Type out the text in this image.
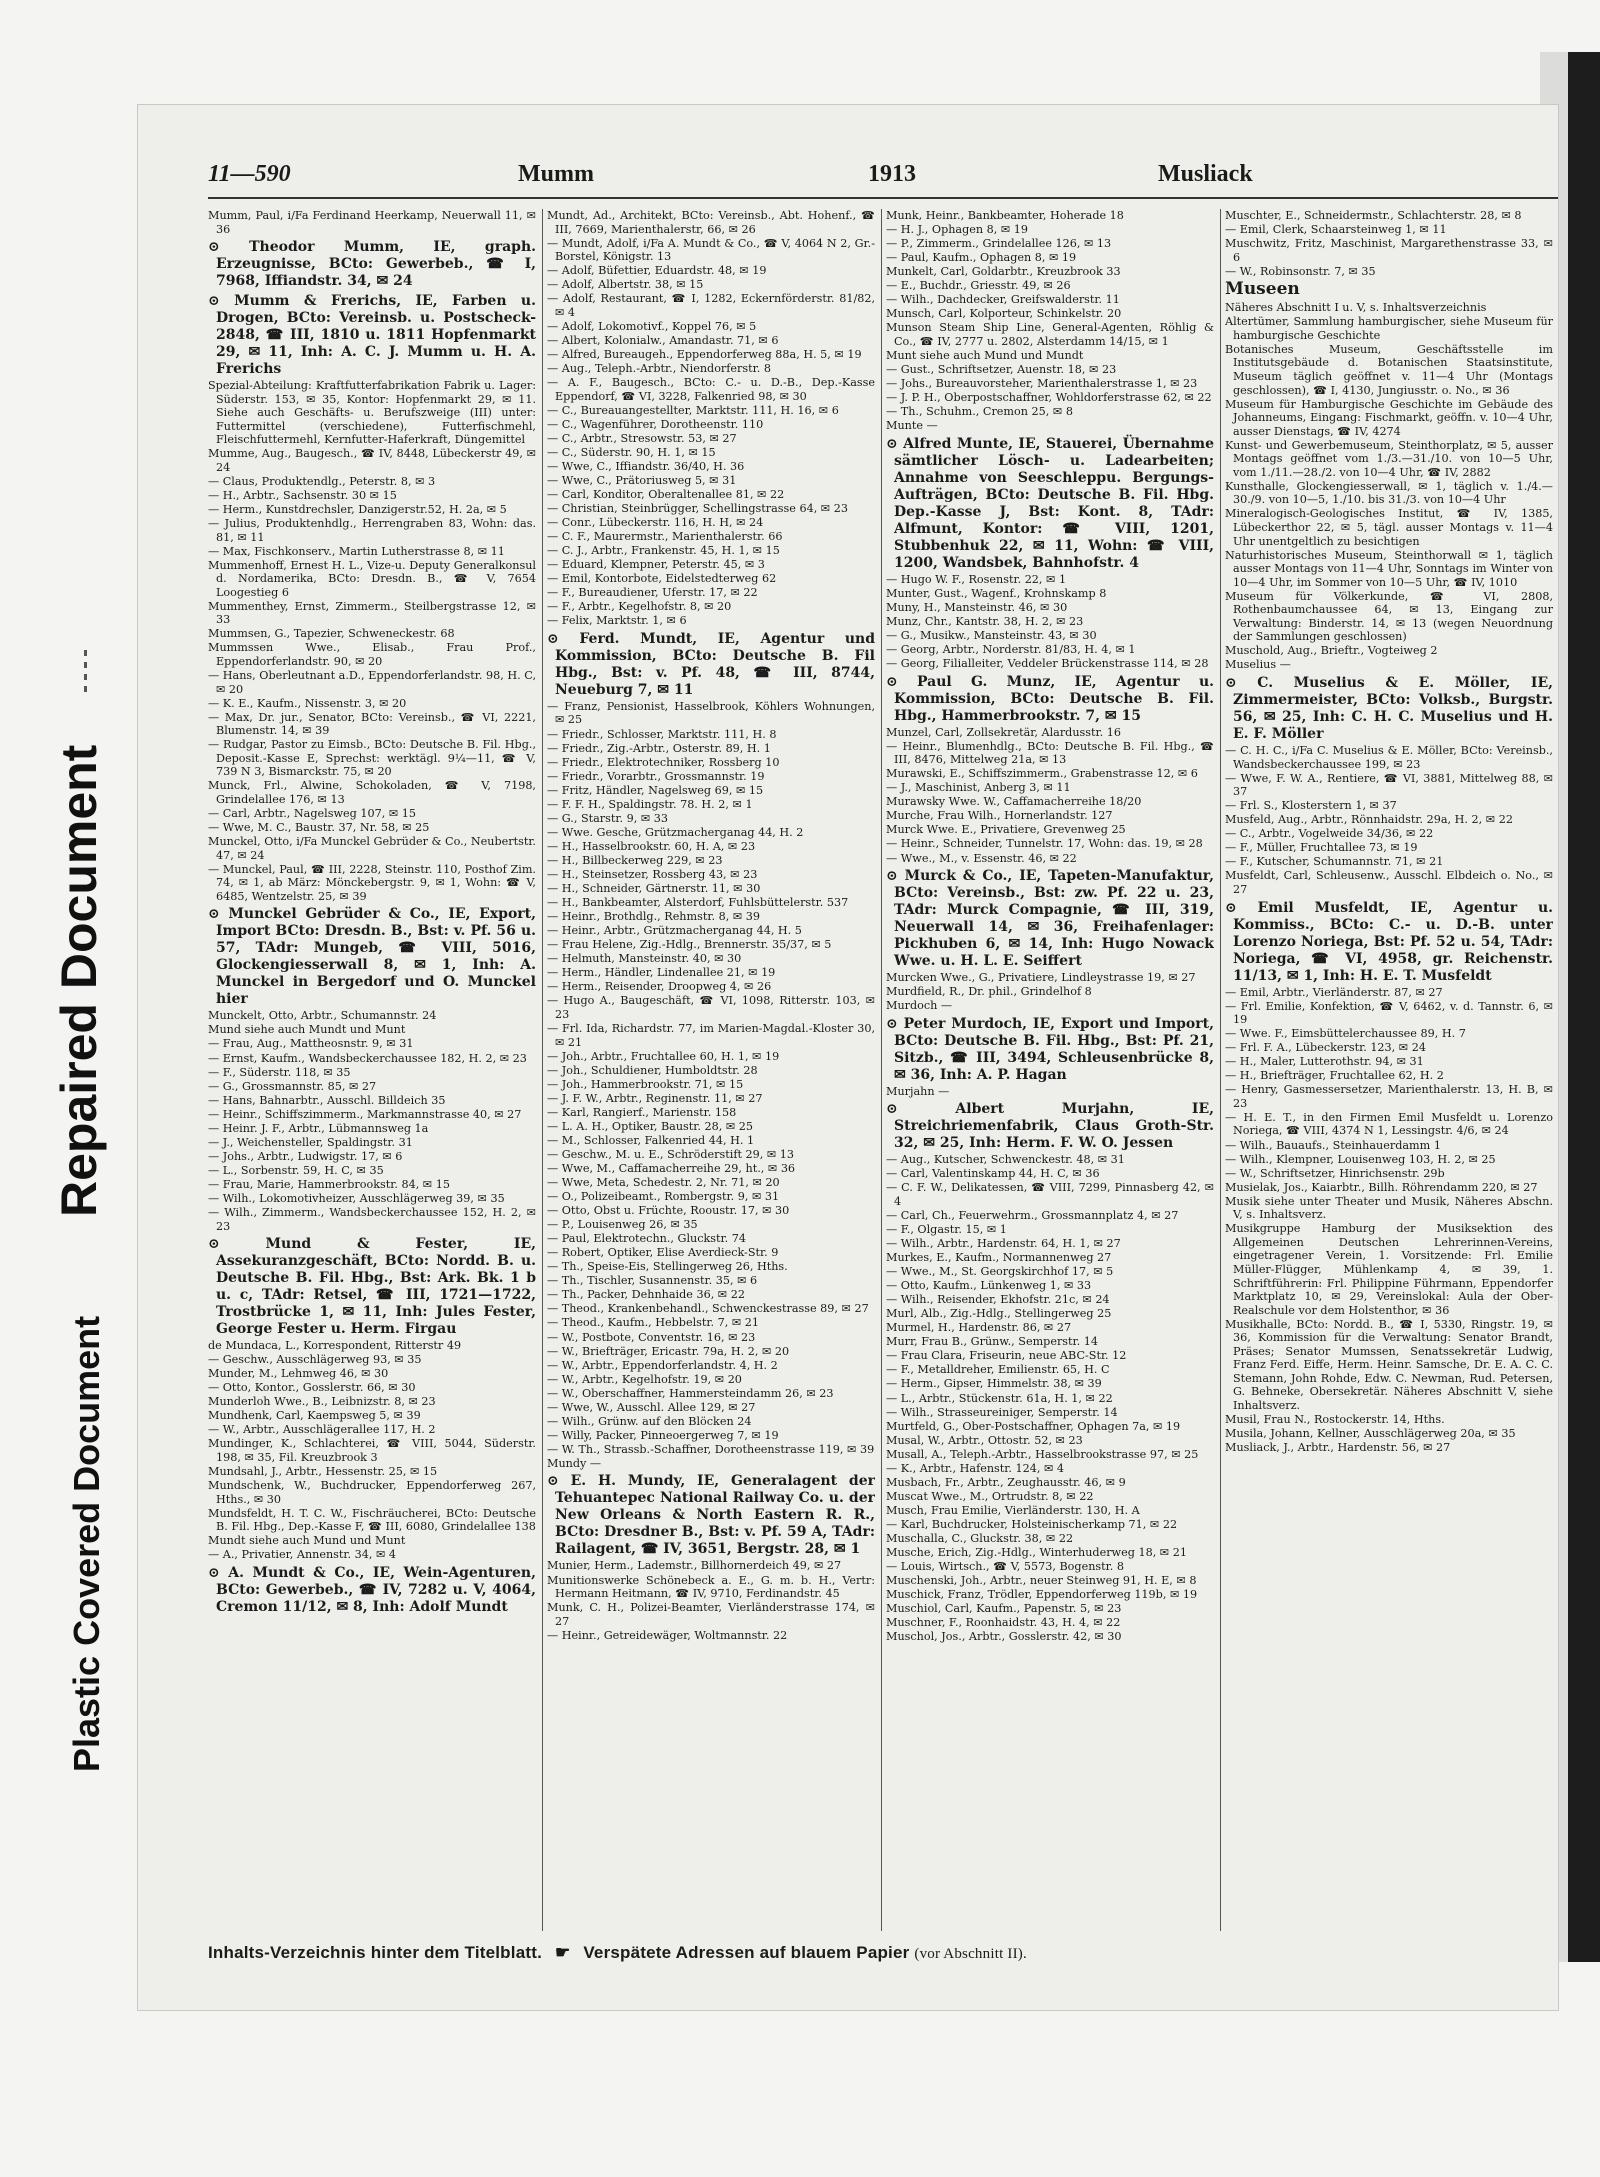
Repaired Document
Plastic Covered Document
11—590	Mumm	1913	Musliack
Mumm, Paul, i/Fa Ferdinand Heerkamp, Neuerwall 11, ✉ 36
⊙ Theodor Mumm, IE, graph. Erzeugnisse, BCto: Gewerbeb., ☎ I, 7968, Iffiandstr. 34, ✉ 24
⊙ Mumm & Frerichs, IE, Farben u. Drogen, BCto: Vereinsb. u. Postscheck-2848, ☎ III, 1810 u. 1811 Hopfenmarkt 29, ✉ 11, Inh: A. C. J. Mumm u. H. A. Frerichs
Spezial-Abteilung: Kraftfutterfabrikation Fabrik u. Lager: Süderstr. 153, ✉ 35, Kontor: Hopfenmarkt 29, ✉ 11. Siehe auch Geschäfts- u. Berufszweige (III) unter: Futtermittel (verschiedene), Futterfischmehl, Fleischfuttermehl, Kernfutter-Haferkraft, Düngemittel
Mumme, Aug., Baugesch., ☎ IV, 8448, Lübeckerstr 49, ✉ 24
— Claus, Produktendlg., Peterstr. 8, ✉ 3
— H., Arbtr., Sachsenstr. 30 ✉ 15
— Herm., Kunstdrechsler, Danzigerstr.52, H. 2a, ✉ 5
— Julius, Produktenhdlg., Herrengraben 83, Wohn: das. 81, ✉ 11
— Max, Fischkonserv., Martin Lutherstrasse 8, ✉ 11
Mummenhoff, Ernest H. L., Vize-u. Deputy Generalkonsul d. Nordamerika, BCto: Dresdn. B., ☎ V, 7654 Loogestieg 6
Mummenthey, Ernst, Zimmerm., Steilbergstrasse 12, ✉ 33
Mummsen, G., Tapezier, Schweneckestr. 68
Mummssen Wwe., Elisab., Frau Prof., Eppendorferlandstr. 90, ✉ 20
— Hans, Oberleutnant a.D., Eppendorferlandstr. 98, H. C, ✉ 20
— K. E., Kaufm., Nissenstr. 3, ✉ 20
— Max, Dr. jur., Senator, BCto: Vereinsb., ☎ VI, 2221, Blumenstr. 14, ✉ 39
— Rudgar, Pastor zu Eimsb., BCto: Deutsche B. Fil. Hbg., Deposit.-Kasse E, Sprechst: werktägl. 9¼—11, ☎ V, 739 N 3, Bismarckstr. 75, ✉ 20
Munck, Frl., Alwine, Schokoladen, ☎ V, 7198, Grindelallee 176, ✉ 13
— Carl, Arbtr., Nagelsweg 107, ✉ 15
— Wwe, M. C., Baustr. 37, Nr. 58, ✉ 25
Munckel, Otto, i/Fa Munckel Gebrüder & Co., Neubertstr. 47, ✉ 24
— Munckel, Paul, ☎ III, 2228, Steinstr. 110, Posthof Zim. 74, ✉ 1, ab März: Mönckebergstr. 9, ✉ 1, Wohn: ☎ V, 6485, Wentzelstr. 25, ✉ 39
⊙ Munckel Gebrüder & Co., IE, Export, Import BCto: Dresdn. B., Bst: v. Pf. 56 u. 57, TAdr: Mungeb, ☎ VIII, 5016, Glockengiesserwall 8, ✉ 1, Inh: A. Munckel in Bergedorf und O. Munckel hier
Munckelt, Otto, Arbtr., Schumannstr. 24
Mund siehe auch Mundt und Munt
— Frau, Aug., Mattheosnstr. 9, ✉ 31
— Ernst, Kaufm., Wandsbeckerchaussee 182, H. 2, ✉ 23
— F., Süderstr. 118, ✉ 35
— G., Grossmannstr. 85, ✉ 27
— Hans, Bahnarbtr., Ausschl. Billdeich 35
— Heinr., Schiffszimmerm., Markmannstrasse 40, ✉ 27
— Heinr. J. F., Arbtr., Lübmannsweg 1a
— J., Weichensteller, Spaldingstr. 31
— Johs., Arbtr., Ludwigstr. 17, ✉ 6
— L., Sorbenstr. 59, H. C, ✉ 35
— Frau, Marie, Hammerbrookstr. 84, ✉ 15
— Wilh., Lokomotivheizer, Ausschlägerweg 39, ✉ 35
— Wilh., Zimmerm., Wandsbeckerchaussee 152, H. 2, ✉ 23
⊙ Mund & Fester, IE, Assekuranzgeschäft, BCto: Nordd. B. u. Deutsche B. Fil. Hbg., Bst: Ark. Bk. 1 b u. c, TAdr: Retsel, ☎ III, 1721—1722, Trostbrücke 1, ✉ 11, Inh: Jules Fester, George Fester u. Herm. Firgau
de Mundaca, L., Korrespondent, Ritterstr 49
— Geschw., Ausschlägerweg 93, ✉ 35
Munder, M., Lehmweg 46, ✉ 30
— Otto, Kontor., Gosslerstr. 66, ✉ 30
Munderloh Wwe., B., Leibnizstr. 8, ✉ 23
Mundhenk, Carl, Kaempsweg 5, ✉ 39
— W., Arbtr., Ausschlägerallee 117, H. 2
Mundinger, K., Schlachterei, ☎ VIII, 5044, Süderstr. 198, ✉ 35, Fil. Kreuzbrook 3
Mundsahl, J., Arbtr., Hessenstr. 25, ✉ 15
Mundschenk, W., Buchdrucker, Eppendorferweg 267, Hths., ✉ 30
Mundsfeldt, H. T. C. W., Fischräucherei, BCto: Deutsche B. Fil. Hbg., Dep.-Kasse F, ☎ III, 6080, Grindelallee 138
Mundt siehe auch Mund und Munt
— A., Privatier, Annenstr. 34, ✉ 4
⊙ A. Mundt & Co., IE, Wein-Agenturen, BCto: Gewerbeb., ☎ IV, 7282 u. V, 4064, Cremon 11/12, ✉ 8, Inh: Adolf Mundt
Mundt, Ad., Architekt, BCto: Vereinsb., Abt. Hohenf., ☎ III, 7669, Marienthalerstr, 66, ✉ 26
— Mundt, Adolf, i/Fa A. Mundt & Co., ☎ V, 4064 N 2, Gr.-Borstel, Königstr. 13
— Adolf, Büfettier, Eduardstr. 48, ✉ 19
— Adolf, Albertstr. 38, ✉ 15
— Adolf, Restaurant, ☎ I, 1282, Eckernförderstr. 81/82, ✉ 4
— Adolf, Lokomotivf., Koppel 76, ✉ 5
— Albert, Kolonialw., Amandastr. 71, ✉ 6
— Alfred, Bureaugeh., Eppendorferweg 88a, H. 5, ✉ 19
— Aug., Teleph.-Arbtr., Niendorferstr. 8
— A. F., Baugesch., BCto: C.- u. D.-B., Dep.-Kasse Eppendorf, ☎ VI, 3228, Falkenried 98, ✉ 30
— C., Bureauangestellter, Marktstr. 111, H. 16, ✉ 6
— C., Wagenführer, Dorotheenstr. 110
— C., Arbtr., Stresowstr. 53, ✉ 27
— C., Süderstr. 90, H. 1, ✉ 15
— Wwe, C., Iffiandstr. 36/40, H. 36
— Wwe, C., Prätoriusweg 5, ✉ 31
— Carl, Konditor, Oberaltenallee 81, ✉ 22
— Christian, Steinbrügger, Schellingstrasse 64, ✉ 23
— Conr., Lübeckerstr. 116, H. H, ✉ 24
— C. F., Maurermstr., Marienthalerstr. 66
— C. J., Arbtr., Frankenstr. 45, H. 1, ✉ 15
— Eduard, Klempner, Peterstr. 45, ✉ 3
— Emil, Kontorbote, Eidelstedterweg 62
— F., Bureaudiener, Uferstr. 17, ✉ 22
— F., Arbtr., Kegelhofstr. 8, ✉ 20
— Felix, Marktstr. 1, ✉ 6
⊙ Ferd. Mundt, IE, Agentur und Kommission, BCto: Deutsche B. Fil Hbg., Bst: v. Pf. 48, ☎ III, 8744, Neueburg 7, ✉ 11
— Franz, Pensionist, Hasselbrook, Köhlers Wohnungen, ✉ 25
— Friedr., Schlosser, Marktstr. 111, H. 8
— Friedr., Zig.-Arbtr., Osterstr. 89, H. 1
— Friedr., Elektrotechniker, Rossberg 10
— Friedr., Vorarbtr., Grossmannstr. 19
— Fritz, Händler, Nagelsweg 69, ✉ 15
— F. F. H., Spaldingstr. 78. H. 2, ✉ 1
— G., Starstr. 9, ✉ 33
— Wwe. Gesche, Grützmacherganag 44, H. 2
— H., Hasselbrookstr. 60, H. A, ✉ 23
— H., Billbeckerweg 229, ✉ 23
— H., Steinsetzer, Rossberg 43, ✉ 23
— H., Schneider, Gärtnerstr. 11, ✉ 30
— H., Bankbeamter, Alsterdorf, Fuhlsbüttelerstr. 537
— Heinr., Brothdlg., Rehmstr. 8, ✉ 39
— Heinr., Arbtr., Grützmacherganag 44, H. 5
— Frau Helene, Zig.-Hdlg., Brennerstr. 35/37, ✉ 5
— Helmuth, Mansteinstr. 40, ✉ 30
— Herm., Händler, Lindenallee 21, ✉ 19
— Herm., Reisender, Droopweg 4, ✉ 26
— Hugo A., Baugeschäft, ☎ VI, 1098, Ritterstr. 103, ✉ 23
— Frl. Ida, Richardstr. 77, im Marien-Magdal.-Kloster 30, ✉ 21
— Joh., Arbtr., Fruchtallee 60, H. 1, ✉ 19
— Joh., Schuldiener, Humboldtstr. 28
— Joh., Hammerbrookstr. 71, ✉ 15
— J. F. W., Arbtr., Reginenstr. 11, ✉ 27
— Karl, Rangierf., Marienstr. 158
— L. A. H., Optiker, Baustr. 28, ✉ 25
— M., Schlosser, Falkenried 44, H. 1
— Geschw., M. u. E., Schröderstift 29, ✉ 13
— Wwe, M., Caffamacherreihe 29, ht., ✉ 36
— Wwe, Meta, Schedestr. 2, Nr. 71, ✉ 20
— O., Polizeibeamt., Rombergstr. 9, ✉ 31
— Otto, Obst u. Früchte, Rooustr. 17, ✉ 30
— P., Louisenweg 26, ✉ 35
— Paul, Elektrotechn., Gluckstr. 74
— Robert, Optiker, Elise Averdieck-Str. 9
— Th., Speise-Eis, Stellingerweg 26, Hths.
— Th., Tischler, Susannenstr. 35, ✉ 6
— Th., Packer, Dehnhaide 36, ✉ 22
— Theod., Krankenbehandl., Schwenckestrasse 89, ✉ 27
— Theod., Kaufm., Hebbelstr. 7, ✉ 21
— W., Postbote, Conventstr. 16, ✉ 23
— W., Briefträger, Ericastr. 79a, H. 2, ✉ 20
— W., Arbtr., Eppendorferlandstr. 4, H. 2
— W., Arbtr., Kegelhofstr. 19, ✉ 20
— W., Oberschaffner, Hammersteindamm 26, ✉ 23
— Wwe, W., Ausschl. Allee 129, ✉ 27
— Wilh., Grünw. auf den Blöcken 24
— Willy, Packer, Pinneoergerweg 7, ✉ 19
— W. Th., Strassb.-Schaffner, Dorotheenstrasse 119, ✉ 39
Mundy —
⊙ E. H. Mundy, IE, Generalagent der Tehuantepec National Railway Co. u. der New Orleans & North Eastern R. R., BCto: Dresdner B., Bst: v. Pf. 59 A, TAdr: Railagent, ☎ IV, 3651, Bergstr. 28, ✉ 1
Munier, Herm., Lademstr., Billhornerdeich 49, ✉ 27
Munitionswerke Schönebeck a. E., G. m. b. H., Vertr: Hermann Heitmann, ☎ IV, 9710, Ferdinandstr. 45
Munk, C. H., Polizei-Beamter, Vierländerstrasse 174, ✉ 27
— Heinr., Getreidewäger, Woltmannstr. 22
Munk, Heinr., Bankbeamter, Hoherade 18
— H. J., Ophagen 8, ✉ 19
— P., Zimmerm., Grindelallee 126, ✉ 13
— Paul, Kaufm., Ophagen 8, ✉ 19
Munkelt, Carl, Goldarbtr., Kreuzbrook 33
— E., Buchdr., Griesstr. 49, ✉ 26
— Wilh., Dachdecker, Greifswalderstr. 11
Munsch, Carl, Kolporteur, Schinkelstr. 20
Munson Steam Ship Line, General-Agenten, Röhlig & Co., ☎ IV, 2777 u. 2802, Alsterdamm 14/15, ✉ 1
Munt siehe auch Mund und Mundt
— Gust., Schriftsetzer, Auenstr. 18, ✉ 23
— Johs., Bureauvorsteher, Marienthalerstrasse 1, ✉ 23
— J. P. H., Oberpostschaffner, Wohldorferstrasse 62, ✉ 22
— Th., Schuhm., Cremon 25, ✉ 8
Munte —
⊙ Alfred Munte, IE, Stauerei, Übernahme sämtlicher Lösch- u. Ladearbeiten; Annahme von Seeschleppu. Bergungs-Aufträgen, BCto: Deutsche B. Fil. Hbg. Dep.-Kasse J, Bst: Kont. 8, TAdr: Alfmunt, Kontor: ☎ VIII, 1201, Stubbenhuk 22, ✉ 11, Wohn: ☎ VIII, 1200, Wandsbek, Bahnhofstr. 4
— Hugo W. F., Rosenstr. 22, ✉ 1
Munter, Gust., Wagenf., Krohnskamp 8
Muny, H., Mansteinstr. 46, ✉ 30
Munz, Chr., Kantstr. 38, H. 2, ✉ 23
— G., Musikw., Mansteinstr. 43, ✉ 30
— Georg, Arbtr., Norderstr. 81/83, H. 4, ✉ 1
— Georg, Filialleiter, Veddeler Brückenstrasse 114, ✉ 28
⊙ Paul G. Munz, IE, Agentur u. Kommission, BCto: Deutsche B. Fil. Hbg., Hammerbrookstr. 7, ✉ 15
Munzel, Carl, Zollsekretär, Alardusstr. 16
— Heinr., Blumenhdlg., BCto: Deutsche B. Fil. Hbg., ☎ III, 8476, Mittelweg 21a, ✉ 13
Murawski, E., Schiffszimmerm., Grabenstrasse 12, ✉ 6
— J., Maschinist, Anberg 3, ✉ 11
Murawsky Wwe. W., Caffamacherreihe 18/20
Murche, Frau Wilh., Hornerlandstr. 127
Murck Wwe. E., Privatiere, Grevenweg 25
— Heinr., Schneider, Tunnelstr. 17, Wohn: das. 19, ✉ 28
— Wwe., M., v. Essenstr. 46, ✉ 22
⊙ Murck & Co., IE, Tapeten-Manufaktur, BCto: Vereinsb., Bst: zw. Pf. 22 u. 23, TAdr: Murck Compagnie, ☎ III, 319, Neuerwall 14, ✉ 36, Freihafenlager: Pickhuben 6, ✉ 14, Inh: Hugo Nowack Wwe. u. H. L. E. Seiffert
Murcken Wwe., G., Privatiere, Lindleystrasse 19, ✉ 27
Murdfield, R., Dr. phil., Grindelhof 8
Murdoch —
⊙ Peter Murdoch, IE, Export und Import, BCto: Deutsche B. Fil. Hbg., Bst: Pf. 21, Sitzb., ☎ III, 3494, Schleusenbrücke 8, ✉ 36, Inh: A. P. Hagan
Murjahn —
⊙ Albert Murjahn, IE, Streichriemenfabrik, Claus Groth-Str. 32, ✉ 25, Inh: Herm. F. W. O. Jessen
— Aug., Kutscher, Schwenckestr. 48, ✉ 31
— Carl, Valentinskamp 44, H. C, ✉ 36
— C. F. W., Delikatessen, ☎ VIII, 7299, Pinnasberg 42, ✉ 4
— Carl, Ch., Feuerwehrm., Grossmannplatz 4, ✉ 27
— F., Olgastr. 15, ✉ 1
— Wilh., Arbtr., Hardenstr. 64, H. 1, ✉ 27
Murkes, E., Kaufm., Normannenweg 27
— Wwe., M., St. Georgskirchhof 17, ✉ 5
— Otto, Kaufm., Lünkenweg 1, ✉ 33
— Wilh., Reisender, Ekhofstr. 21c, ✉ 24
Murl, Alb., Zig.-Hdlg., Stellingerweg 25
Murmel, H., Hardenstr. 86, ✉ 27
Murr, Frau B., Grünw., Semperstr. 14
— Frau Clara, Friseurin, neue ABC-Str. 12
— F., Metalldreher, Emilienstr. 65, H. C
— Herm., Gipser, Himmelstr. 38, ✉ 39
— L., Arbtr., Stückenstr. 61a, H. 1, ✉ 22
— Wilh., Strasseureiniger, Semperstr. 14
Murtfeld, G., Ober-Postschaffner, Ophagen 7a, ✉ 19
Musal, W., Arbtr., Ottostr. 52, ✉ 23
Musall, A., Teleph.-Arbtr., Hasselbrookstrasse 97, ✉ 25
— K., Arbtr., Hafenstr. 124, ✉ 4
Musbach, Fr., Arbtr., Zeughausstr. 46, ✉ 9
Muscat Wwe., M., Ortrudstr. 8, ✉ 22
Musch, Frau Emilie, Vierländerstr. 130, H. A
— Karl, Buchdrucker, Holsteinischerkamp 71, ✉ 22
Muschalla, C., Gluckstr. 38, ✉ 22
Musche, Erich, Zig.-Hdlg., Winterhuderweg 18, ✉ 21
— Louis, Wirtsch., ☎ V, 5573, Bogenstr. 8
Muschenski, Joh., Arbtr., neuer Steinweg 91, H. E, ✉ 8
Muschick, Franz, Trödler, Eppendorferweg 119b, ✉ 19
Muschiol, Carl, Kaufm., Papenstr. 5, ✉ 23
Muschner, F., Roonhaidstr. 43, H. 4, ✉ 22
Muschol, Jos., Arbtr., Gosslerstr. 42, ✉ 30
Muschter, E., Schneidermstr., Schlachterstr. 28, ✉ 8
— Emil, Clerk, Schaarsteinweg 1, ✉ 11
Muschwitz, Fritz, Maschinist, Margarethenstrasse 33, ✉ 6
— W., Robinsonstr. 7, ✉ 35
Museen
Näheres Abschnitt I u. V, s. Inhaltsverzeichnis
Altertümer, Sammlung hamburgischer, siehe Museum für hamburgische Geschichte
Botanisches Museum, Geschäftsstelle im Institutsgebäude d. Botanischen Staatsinstitute, Museum täglich geöffnet v. 11—4 Uhr (Montags geschlossen), ☎ I, 4130, Jungiusstr. o. No., ✉ 36
Museum für Hamburgische Geschichte im Gebäude des Johanneums, Eingang: Fischmarkt, geöffn. v. 10—4 Uhr, ausser Dienstags, ☎ IV, 4274
Kunst- und Gewerbemuseum, Steinthorplatz, ✉ 5, ausser Montags geöffnet vom 1./3.—31./10. von 10—5 Uhr, vom 1./11.—28./2. von 10—4 Uhr, ☎ IV, 2882
Kunsthalle, Glockengiesserwall, ✉ 1, täglich v. 1./4.—30./9. von 10—5, 1./10. bis 31./3. von 10—4 Uhr
Mineralogisch-Geologisches Institut, ☎ IV, 1385, Lübeckerthor 22, ✉ 5, tägl. ausser Montags v. 11—4 Uhr unentgeltlich zu besichtigen
Naturhistorisches Museum, Steinthorwall ✉ 1, täglich ausser Montags von 11—4 Uhr, Sonntags im Winter von 10—4 Uhr, im Sommer von 10—5 Uhr, ☎ IV, 1010
Museum für Völkerkunde, ☎ VI, 2808, Rothenbaumchaussee 64, ✉ 13, Eingang zur Verwaltung: Binderstr. 14, ✉ 13 (wegen Neuordnung der Sammlungen geschlossen)
Muschold, Aug., Brieftr., Vogteiweg 2
Muselius —
⊙ C. Muselius & E. Möller, IE, Zimmermeister, BCto: Volksb., Burgstr. 56, ✉ 25, Inh: C. H. C. Muselius und H. E. F. Möller
— C. H. C., i/Fa C. Muselius & E. Möller, BCto: Vereinsb., Wandsbeckerchaussee 199, ✉ 23
— Wwe, F. W. A., Rentiere, ☎ VI, 3881, Mittelweg 88, ✉ 37
— Frl. S., Klosterstern 1, ✉ 37
Musfeld, Aug., Arbtr., Rönnhaidstr. 29a, H. 2, ✉ 22
— C., Arbtr., Vogelweide 34/36, ✉ 22
— F., Müller, Fruchtallee 73, ✉ 19
— F., Kutscher, Schumannstr. 71, ✉ 21
Musfeldt, Carl, Schleusenw., Ausschl. Elbdeich o. No., ✉ 27
⊙ Emil Musfeldt, IE, Agentur u. Kommiss., BCto: C.- u. D.-B. unter Lorenzo Noriega, Bst: Pf. 52 u. 54, TAdr: Noriega, ☎ VI, 4958, gr. Reichenstr. 11/13, ✉ 1, Inh: H. E. T. Musfeldt
— Emil, Arbtr., Vierländerstr. 87, ✉ 27
— Frl. Emilie, Konfektion, ☎ V, 6462, v. d. Tannstr. 6, ✉ 19
— Wwe. F., Eimsbüttelerchaussee 89, H. 7
— Frl. F. A., Lübeckerstr. 123, ✉ 24
— H., Maler, Lutterothstr. 94, ✉ 31
— H., Briefträger, Fruchtallee 62, H. 2
— Henry, Gasmessersetzer, Marienthalerstr. 13, H. B, ✉ 23
— H. E. T., in den Firmen Emil Musfeldt u. Lorenzo Noriega, ☎ VIII, 4374 N 1, Lessingstr. 4/6, ✉ 24
— Wilh., Bauaufs., Steinhauerdamm 1
— Wilh., Klempner, Louisenweg 103, H. 2, ✉ 25
— W., Schriftsetzer, Hinrichsenstr. 29b
Musielak, Jos., Kaiarbtr., Billh. Röhrendamm 220, ✉ 27
Musik siehe unter Theater und Musik, Näheres Abschn. V, s. Inhaltsverz.
Musikgruppe Hamburg der Musiksektion des Allgemeinen Deutschen Lehrerinnen-Vereins, eingetragener Verein, 1. Vorsitzende: Frl. Emilie Müller-Flügger, Mühlenkamp 4, ✉ 39, 1. Schriftführerin: Frl. Philippine Führmann, Eppendorfer Marktplatz 10, ✉ 29, Vereinslokal: Aula der Ober-Realschule vor dem Holstenthor, ✉ 36
Musikhalle, BCto: Nordd. B., ☎ I, 5330, Ringstr. 19, ✉ 36, Kommission für die Verwaltung: Senator Brandt, Präses; Senator Mumssen, Senatssekretär Ludwig, Franz Ferd. Eiffe, Herm. Heinr. Samsche, Dr. E. A. C. C. Stemann, John Rohde, Edw. C. Newman, Rud. Petersen, G. Behneke, Obersekretär. Näheres Abschnitt V, siehe Inhaltsverz.
Musil, Frau N., Rostockerstr. 14, Hths.
Musila, Johann, Kellner, Ausschlägerweg 20a, ✉ 35
Musliack, J., Arbtr., Hardenstr. 56, ✉ 27
Inhalts-Verzeichnis hinter dem Titelblatt. ☛ Verspätete Adressen auf blauem Papier (vor Abschnitt II).
